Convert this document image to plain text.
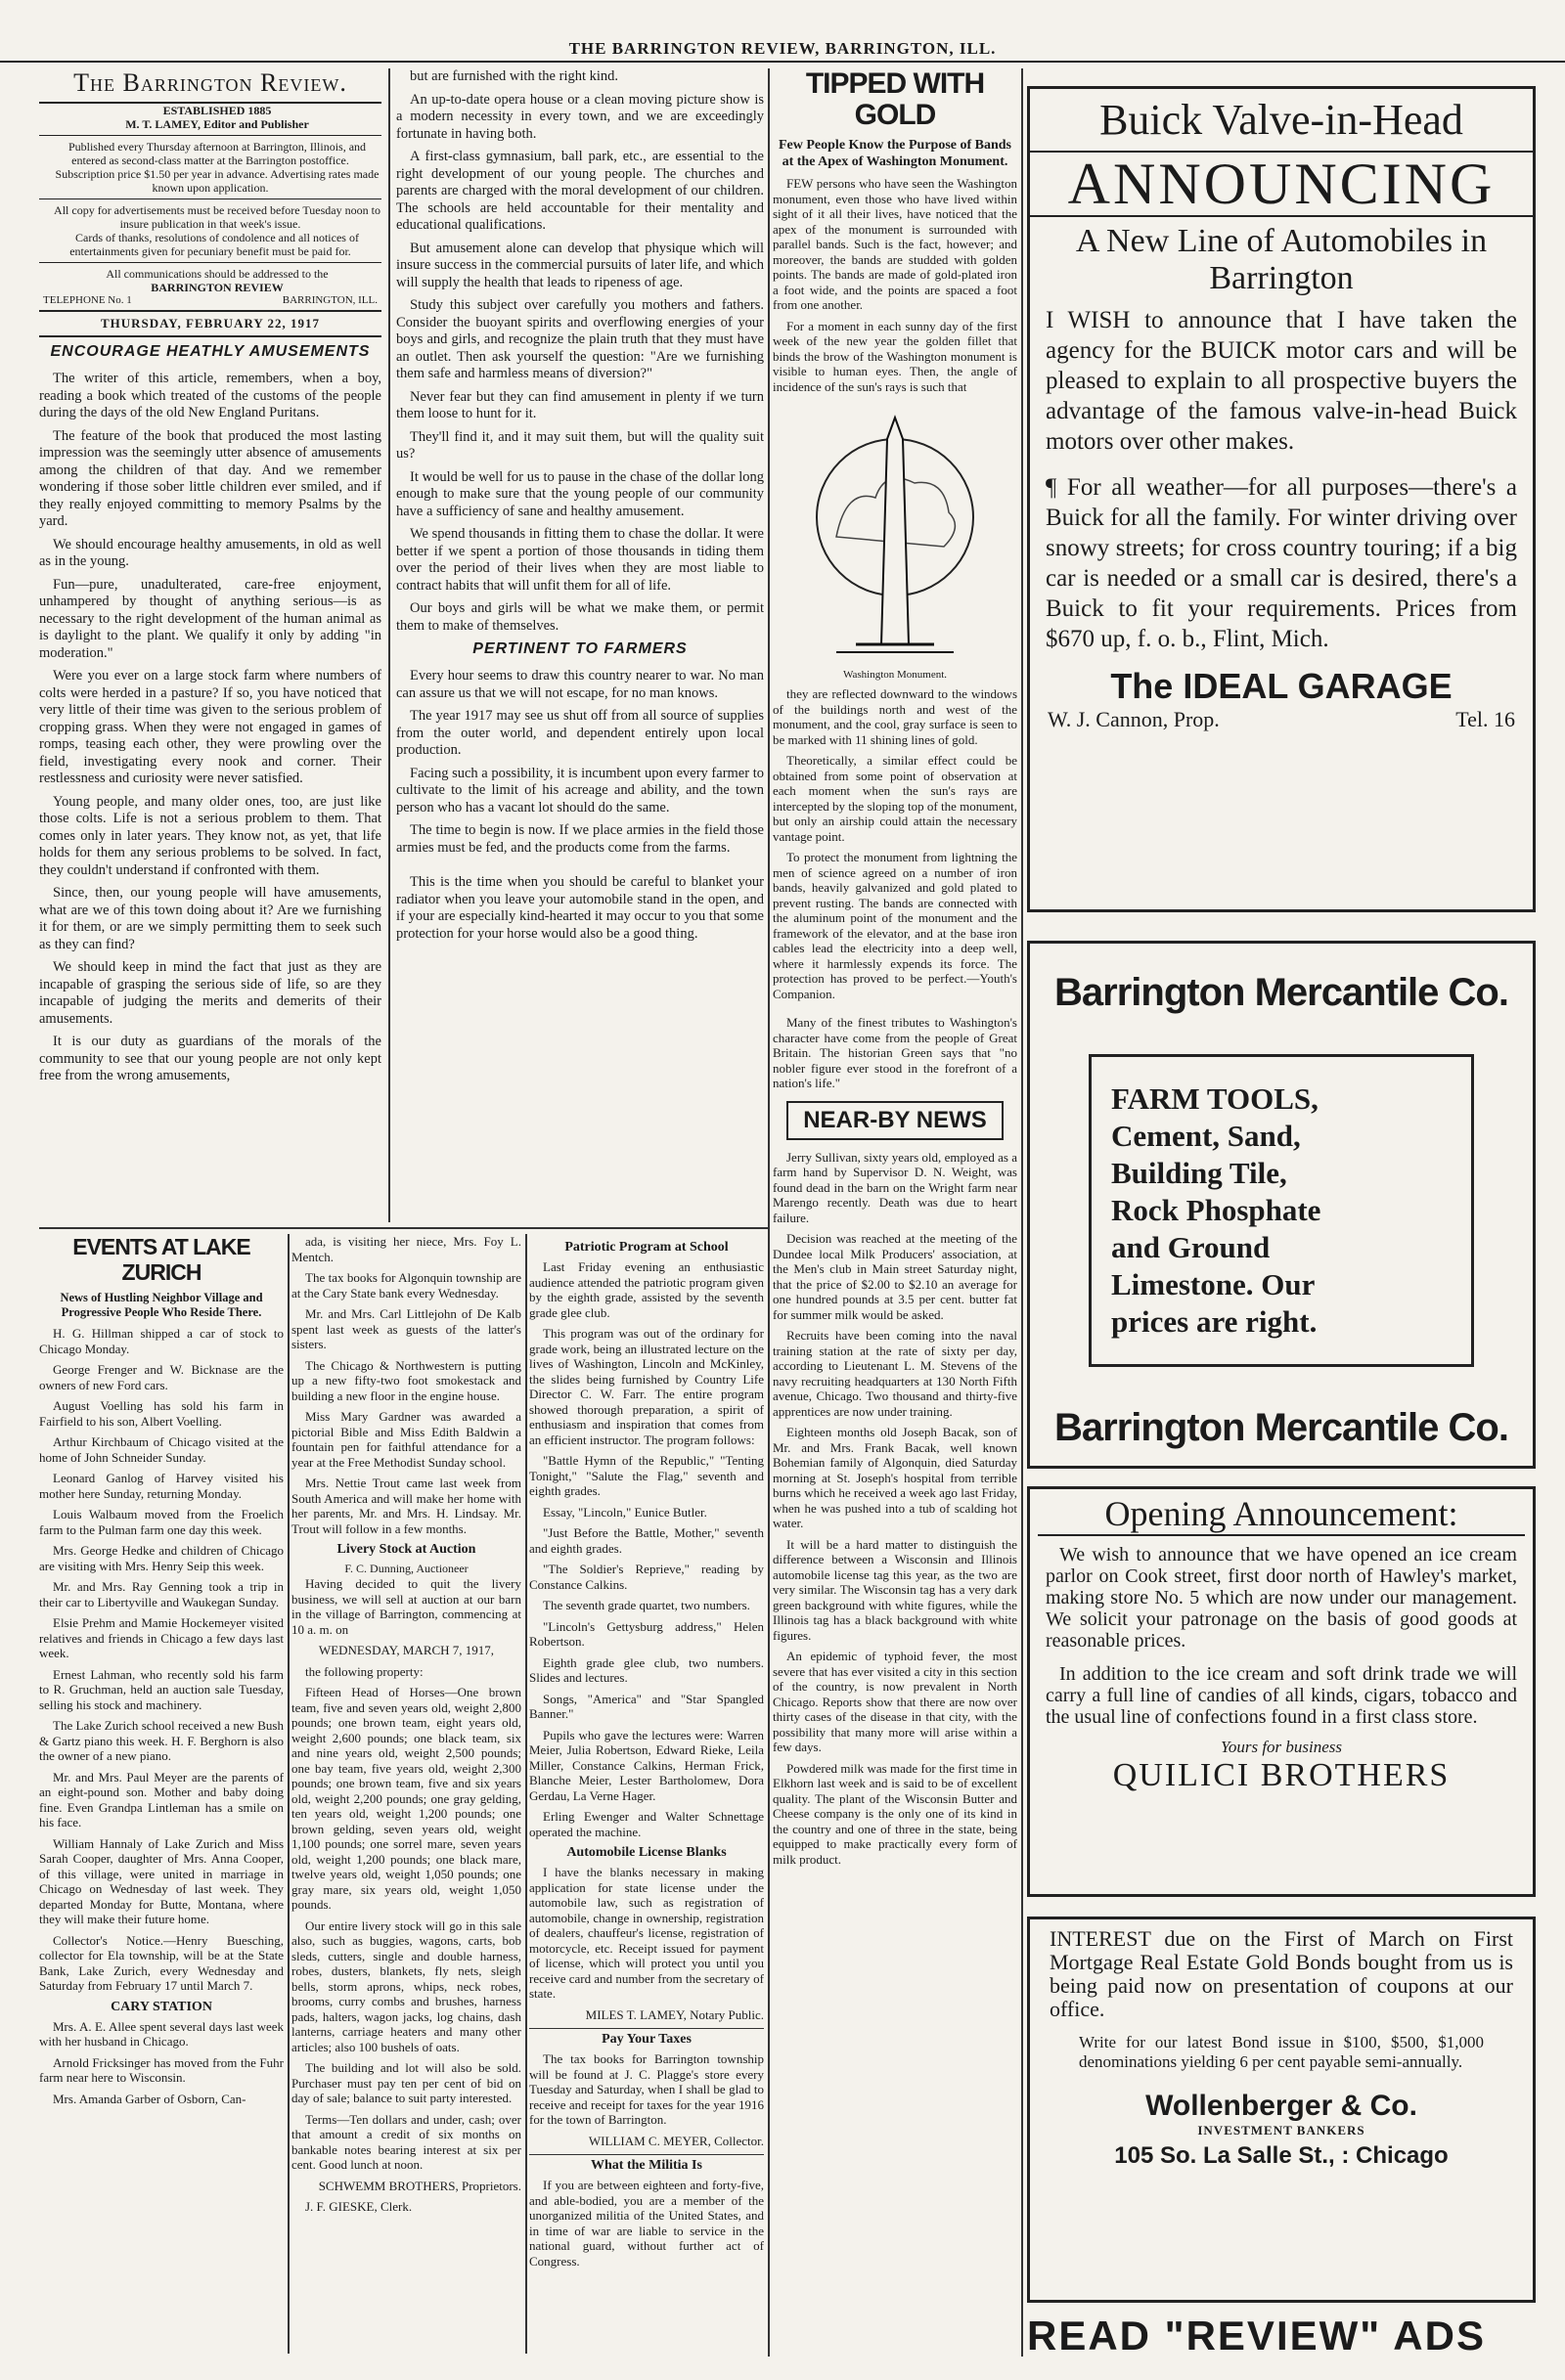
THE BARRINGTON REVIEW, BARRINGTON, ILL.
The Barrington Review.

ESTABLISHED 1885

M. T. LAMEY, Editor and Publisher

Published every Thursday afternoon at Barrington, Illinois, and entered as second-class matter at the Barrington postoffice.

Subscription price $1.50 per year in advance. Advertising rates made known upon application.

All copy for advertisements must be received before Tuesday noon to insure publication in that week's issue.

Cards of thanks, resolutions of condolence and all notices of entertainments given for pecuniary benefit must be paid for.

All communications should be addressed to the

BARRINGTON REVIEW

TELEPHONE No. 1	BARRINGTON, ILL.
THURSDAY, FEBRUARY 22, 1917
ENCOURAGE HEATHLY AMUSEMENTS

The writer of this article, remembers, when a boy, reading a book which treated of the customs of the people during the days of the old New England Puritans.

The feature of the book that produced the most lasting impression was the seemingly utter absence of amusements among the children of that day. And we remember wondering if those sober little children ever smiled, and if they really enjoyed committing to memory Psalms by the yard.

We should encourage healthy amusements, in old as well as in the young.

Fun—pure, unadulterated, care-free enjoyment, unhampered by thought of anything serious—is as necessary to the right development of the human animal as is daylight to the plant. We qualify it only by adding "in moderation."

Were you ever on a large stock farm where numbers of colts were herded in a pasture? If so, you have noticed that very little of their time was given to the serious problem of cropping grass. When they were not engaged in games of romps, teasing each other, they were prowling over the field, investigating every nook and corner. Their restlessness and curiosity were never satisfied.

Young people, and many older ones, too, are just like those colts. Life is not a serious problem to them. That comes only in later years. They know not, as yet, that life holds for them any serious problems to be solved. In fact, they couldn't understand if confronted with them.

Since, then, our young people will have amusements, what are we of this town doing about it? Are we furnishing it for them, or are we simply permitting them to seek such as they can find?

We should keep in mind the fact that just as they are incapable of grasping the serious side of life, so are they incapable of judging the merits and demerits of their amusements.

It is our duty as guardians of the morals of the community to see that our young people are not only kept free from the wrong amusements,

but are furnished with the right kind.

An up-to-date opera house or a clean moving picture show is a modern necessity in every town, and we are exceedingly fortunate in having both.

A first-class gymnasium, ball park, etc., are essential to the right development of our young people. The churches and parents are charged with the moral development of our children. The schools are held accountable for their mentality and educational qualifications.

But amusement alone can develop that physique which will insure success in the commercial pursuits of later life, and which will supply the health that leads to ripeness of age.

Study this subject over carefully you mothers and fathers. Consider the buoyant spirits and overflowing energies of your boys and girls, and recognize the plain truth that they must have an outlet. Then ask yourself the question: "Are we furnishing them safe and harmless means of diversion?"

Never fear but they can find amusement in plenty if we turn them loose to hunt for it.

They'll find it, and it may suit them, but will the quality suit us?

It would be well for us to pause in the chase of the dollar long enough to make sure that the young people of our community have a sufficiency of sane and healthy amusement.

We spend thousands in fitting them to chase the dollar. It were better if we spent a portion of those thousands in tiding them over the period of their lives when they are most liable to contract habits that will unfit them for all of life.

Our boys and girls will be what we make them, or permit them to make of themselves.

PERTINENT TO FARMERS

Every hour seems to draw this country nearer to war. No man can assure us that we will not escape, for no man knows.

The year 1917 may see us shut off from all source of supplies from the outer world, and dependent entirely upon local production.

Facing such a possibility, it is incumbent upon every farmer to cultivate to the limit of his acreage and ability, and the town person who has a vacant lot should do the same.

The time to begin is now. If we place armies in the field those armies must be fed, and the products come from the farms.

This is the time when you should be careful to blanket your radiator when you leave your automobile stand in the open, and if your are especially kind-hearted it may occur to you that some protection for your horse would also be a good thing.

TIPPED WITH GOLD
Few People Know the Purpose of Bands at the Apex of Washington Monument.

FEW persons who have seen the Washington monument, even those who have lived within sight of it all their lives, have noticed that the apex of the monument is surrounded with parallel bands. Such is the fact, however; and moreover, the bands are studded with golden points. The bands are made of gold-plated iron a foot wide, and the points are spaced a foot from one another.

For a moment in each sunny day of the first week of the new year the golden fillet that binds the brow of the Washington monument is visible to human eyes. Then, the angle of incidence of the sun's rays is such that

Washington Monument.

they are reflected downward to the windows of the buildings north and west of the monument, and the cool, gray surface is seen to be marked with 11 shining lines of gold.

Theoretically, a similar effect could be obtained from some point of observation at each moment when the sun's rays are intercepted by the sloping top of the monument, but only an airship could attain the necessary vantage point.

To protect the monument from lightning the men of science agreed on a number of iron bands, heavily galvanized and gold plated to prevent rusting. The bands are connected with the aluminum point of the monument and the framework of the elevator, and at the base iron cables lead the electricity into a deep well, where it harmlessly expends its force. The protection has proved to be perfect.—Youth's Companion.

Many of the finest tributes to Washington's character have come from the people of Great Britain. The historian Green says that "no nobler figure ever stood in the forefront of a nation's life."

NEAR-BY NEWS

Jerry Sullivan, sixty years old, employed as a farm hand by Supervisor D. N. Weight, was found dead in the barn on the Wright farm near Marengo recently. Death was due to heart failure.

Decision was reached at the meeting of the Dundee local Milk Producers' association, at the Men's club in Main street Saturday night, that the price of $2.00 to $2.10 an average for one hundred pounds at 3.5 per cent. butter fat for summer milk would be asked.

Recruits have been coming into the naval training station at the rate of sixty per day, according to Lieutenant L. M. Stevens of the navy recruiting headquarters at 130 North Fifth avenue, Chicago. Two thousand and thirty-five apprentices are now under training.

Eighteen months old Joseph Bacak, son of Mr. and Mrs. Frank Bacak, well known Bohemian family of Algonquin, died Saturday morning at St. Joseph's hospital from terrible burns which he received a week ago last Friday, when he was pushed into a tub of scalding hot water.

It will be a hard matter to distinguish the difference between a Wisconsin and Illinois automobile license tag this year, as the two are very similar. The Wisconsin tag has a very dark green background with white figures, while the Illinois tag has a black background with white figures.

An epidemic of typhoid fever, the most severe that has ever visited a city in this section of the country, is now prevalent in North Chicago. Reports show that there are now over thirty cases of the disease in that city, with the possibility that many more will arise within a few days.

Powdered milk was made for the first time in Elkhorn last week and is said to be of excellent quality. The plant of the Wisconsin Butter and Cheese company is the only one of its kind in the country and one of three in the state, being equipped to make practically every form of milk product.

EVENTS AT LAKE ZURICH
News of Hustling Neighbor Village and Progressive People Who Reside There.

H. G. Hillman shipped a car of stock to Chicago Monday.

George Frenger and W. Bicknase are the owners of new Ford cars.

August Voelling has sold his farm in Fairfield to his son, Albert Voelling.

Arthur Kirchbaum of Chicago visited at the home of John Schneider Sunday.

Leonard Ganlog of Harvey visited his mother here Sunday, returning Monday.

Louis Walbaum moved from the Froelich farm to the Pulman farm one day this week.

Mrs. George Hedke and children of Chicago are visiting with Mrs. Henry Seip this week.

Mr. and Mrs. Ray Genning took a trip in their car to Libertyville and Waukegan Sunday.

Elsie Prehm and Mamie Hockemeyer visited relatives and friends in Chicago a few days last week.

Ernest Lahman, who recently sold his farm to R. Gruchman, held an auction sale Tuesday, selling his stock and machinery.

The Lake Zurich school received a new Bush & Gartz piano this week. H. F. Berghorn is also the owner of a new piano.

Mr. and Mrs. Paul Meyer are the parents of an eight-pound son. Mother and baby doing fine. Even Grandpa Lintleman has a smile on his face.

William Hannaly of Lake Zurich and Miss Sarah Cooper, daughter of Mrs. Anna Cooper, of this village, were united in marriage in Chicago on Wednesday of last week. They departed Monday for Butte, Montana, where they will make their future home.

Collector's Notice.—Henry Buesching, collector for Ela township, will be at the State Bank, Lake Zurich, every Wednesday and Saturday from February 17 until March 7.

CARY STATION

Mrs. A. E. Allee spent several days last week with her husband in Chicago.

Arnold Fricksinger has moved from the Fuhr farm near here to Wisconsin.

Mrs. Amanda Garber of Osborn, Can-

ada, is visiting her niece, Mrs. Foy L. Mentch.

The tax books for Algonquin township are at the Cary State bank every Wednesday.

Mr. and Mrs. Carl Littlejohn of De Kalb spent last week as guests of the latter's sisters.

The Chicago & Northwestern is putting up a new fifty-two foot smokestack and building a new floor in the engine house.

Miss Mary Gardner was awarded a pictorial Bible and Miss Edith Baldwin a fountain pen for faithful attendance for a year at the Free Methodist Sunday school.

Mrs. Nettie Trout came last week from South America and will make her home with her parents, Mr. and Mrs. H. Lindsay. Mr. Trout will follow in a few months.

Livery Stock at Auction
F. C. Dunning, Auctioneer

Having decided to quit the livery business, we will sell at auction at our barn in the village of Barrington, commencing at 10 a. m. on

WEDNESDAY, MARCH 7, 1917,

the following property:

Fifteen Head of Horses—One brown team, five and seven years old, weight 2,800 pounds; one brown team, eight years old, weight 2,600 pounds; one black team, six and nine years old, weight 2,500 pounds; one bay team, five years old, weight 2,300 pounds; one brown team, five and six years old, weight 2,200 pounds; one gray gelding, ten years old, weight 1,200 pounds; one brown gelding, seven years old, weight 1,100 pounds; one sorrel mare, seven years old, weight 1,200 pounds; one black mare, twelve years old, weight 1,050 pounds; one gray mare, six years old, weight 1,050 pounds.

Our entire livery stock will go in this sale also, such as buggies, wagons, carts, bob sleds, cutters, single and double harness, robes, dusters, blankets, fly nets, sleigh bells, storm aprons, whips, neck robes, brooms, curry combs and brushes, harness pads, halters, wagon jacks, log chains, dash lanterns, carriage heaters and many other articles; also 100 bushels of oats.

The building and lot will also be sold. Purchaser must pay ten per cent of bid on day of sale; balance to suit party interested.

Terms—Ten dollars and under, cash; over that amount a credit of six months on bankable notes bearing interest at six per cent. Good lunch at noon.

SCHWEMM BROTHERS, Proprietors.

J. F. GIESKE, Clerk.

Patriotic Program at School

Last Friday evening an enthusiastic audience attended the patriotic program given by the eighth grade, assisted by the seventh grade glee club.

This program was out of the ordinary for grade work, being an illustrated lecture on the lives of Washington, Lincoln and McKinley, the slides being furnished by Country Life Director C. W. Farr. The entire program showed thorough preparation, a spirit of enthusiasm and inspiration that comes from an efficient instructor. The program follows:

"Battle Hymn of the Republic," "Tenting Tonight," "Salute the Flag," seventh and eighth grades.

Essay, "Lincoln," Eunice Butler.

"Just Before the Battle, Mother," seventh and eighth grades.

"The Soldier's Reprieve," reading by Constance Calkins.

The seventh grade quartet, two numbers.

"Lincoln's Gettysburg address," Helen Robertson.

Eighth grade glee club, two numbers. Slides and lectures.

Songs, "America" and "Star Spangled Banner."

Pupils who gave the lectures were: Warren Meier, Julia Robertson, Edward Rieke, Leila Miller, Constance Calkins, Herman Frick, Blanche Meier, Lester Bartholomew, Dora Gerdau, La Verne Hager.

Erling Ewenger and Walter Schnettage operated the machine.

Automobile License Blanks

I have the blanks necessary in making application for state license under the automobile law, such as registration of automobile, change in ownership, registration of dealers, chauffeur's license, registration of motorcycle, etc. Receipt issued for payment of license, which will protect you until you receive card and number from the secretary of state.

MILES T. LAMEY, Notary Public.

Pay Your Taxes

The tax books for Barrington township will be found at J. C. Plagge's store every Tuesday and Saturday, when I shall be glad to receive and receipt for taxes for the year 1916 for the town of Barrington.

WILLIAM C. MEYER, Collector.

What the Militia Is

If you are between eighteen and forty-five, and able-bodied, you are a member of the unorganized militia of the United States, and in time of war are liable to service in the national guard, without further act of Congress.

Buick Valve-in-Head
ANNOUNCING
A New Line of Automobiles in Barrington

I WISH to announce that I have taken the agency for the BUICK motor cars and will be pleased to explain to all prospective buyers the advantage of the famous valve-in-head Buick motors over other makes.

¶ For all weather—for all purposes—there's a Buick for all the family. For winter driving over snowy streets; for cross country touring; if a big car is needed or a small car is desired, there's a Buick to fit your requirements. Prices from $670 up, f. o. b., Flint, Mich.

The IDEAL GARAGE
W. J. Cannon, Prop.	Tel. 16
Barrington Mercantile Co.
FARM TOOLS,
Cement, Sand,
Building Tile,
Rock Phosphate
and Ground
Limestone. Our
prices are right.
Barrington Mercantile Co.
Opening Announcement:

We wish to announce that we have opened an ice cream parlor on Cook street, first door north of Hawley's market, making store No. 5 which are now under our management. We solicit your patronage on the basis of good goods at reasonable prices.

In addition to the ice cream and soft drink trade we will carry a full line of candies of all kinds, cigars, tobacco and the usual line of confections found in a first class store.

Yours for business
QUILICI BROTHERS

INTEREST due on the First of March on First Mortgage Real Estate Gold Bonds bought from us is being paid now on presentation of coupons at our office.

Write for our latest Bond issue in $100, $500, $1,000 denominations yielding 6 per cent payable semi-annually.

Wollenberger & Co.
INVESTMENT BANKERS
105 So. La Salle St., : Chicago
READ "REVIEW" ADS
